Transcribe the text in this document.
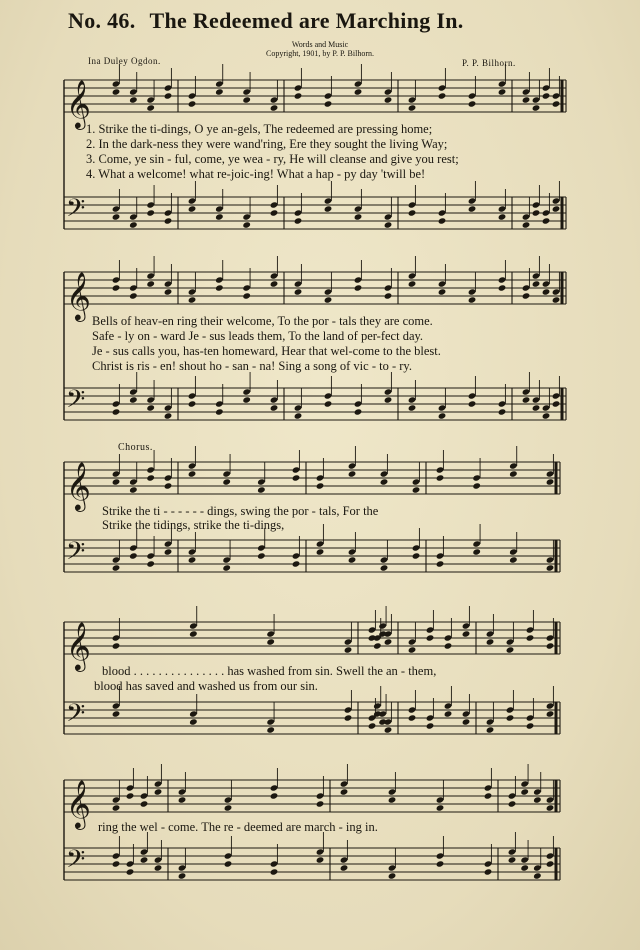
No. 46. The Redeemed are Marching In.
Words and Music
Copyright, 1901, by P. P. Bilhorn.
Ina Duley Ogdon.	P. P. Bilhorn.
𝄞
𝄢
𝄞
𝄢
𝄞
𝄢
𝄞
𝄢
𝄞
𝄢
1. Strike the ti-dings, O ye an-gels, The redeemed are pressing home;
2. In the dark-ness they were wand'ring, Ere they sought the living Way;
3. Come, ye sin - ful, come, ye wea - ry, He will cleanse and give you rest;
4. What a welcome! what re-joic-ing! What a hap - py day 'twill be!
Bells of heav-en ring their welcome, To the por - tals they are come.
Safe - ly on - ward Je - sus leads them, To the land of per-fect day.
Je - sus calls you, has-ten homeward, Hear that wel-come to the blest.
Christ is ris - en! shout ho - san - na! Sing a song of vic - to - ry.
Chorus.
Strike the ti - - - - - - dings, swing the por - tals, For the
Strike the tidings, strike the ti-dings,
blood . . . . . . . . . . . . . . . has washed from sin. Swell the an - them,
blood has saved and washed us from our sin.
ring the wel - come. The re - deemed are march - ing in.
